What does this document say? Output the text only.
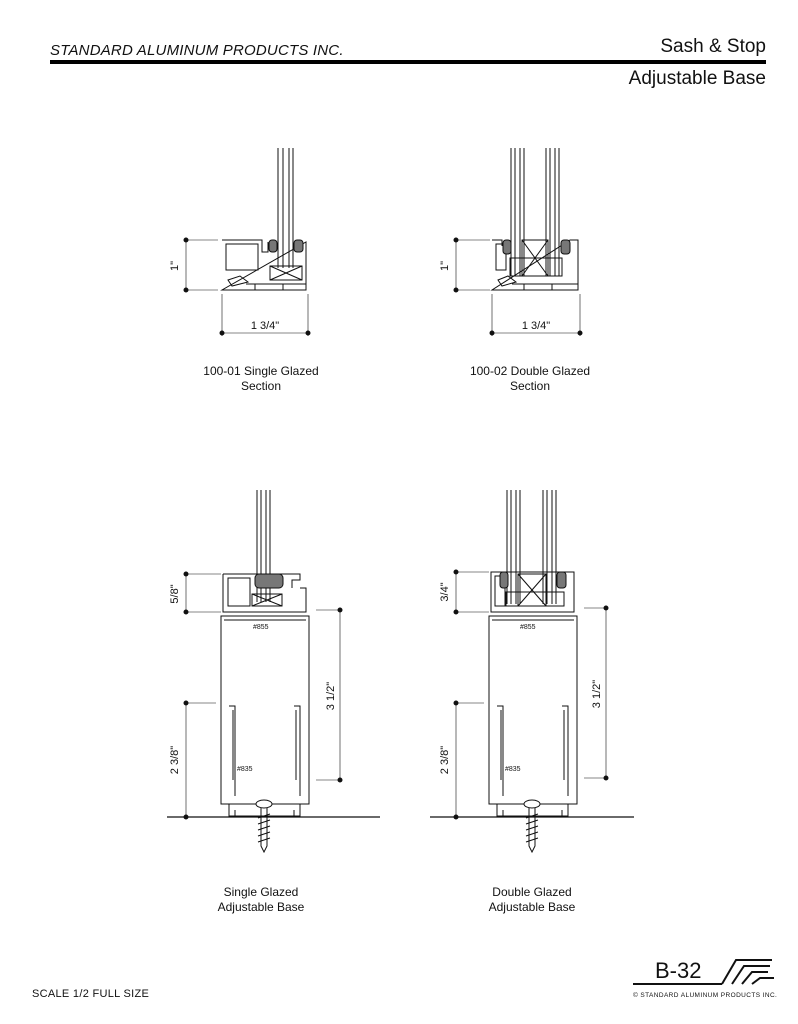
STANDARD ALUMINUM PRODUCTS INC.	Sash & Stop
Adjustable Base
1"
1 3/4"
1"
1 3/4"
5/8"
3 1/2"
2 3/8"
#855
#835
3/4"
3 1/2"
2 3/8"
#855
#835
100-01 Single Glazed
Section
100-02 Double Glazed
Section
Single Glazed
Adjustable Base
Double Glazed
Adjustable Base
SCALE 1/2 FULL SIZE
B-32
© STANDARD ALUMINUM PRODUCTS INC.
